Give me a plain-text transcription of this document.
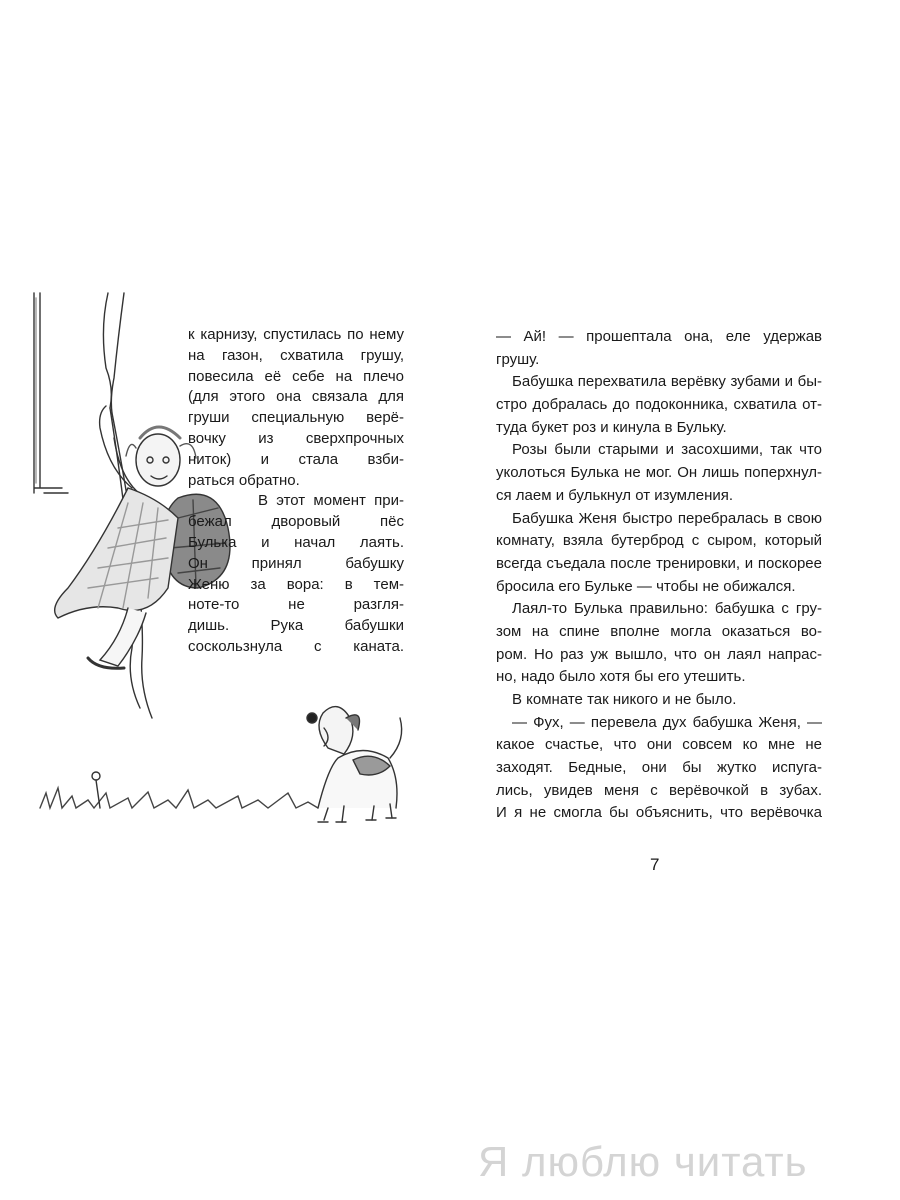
к карнизу, спустилась по нему
на газон, схватила грушу,
повесила её себе на плечо
(для этого она связала для
груши специальную верё-
вочку из сверхпрочных
ниток) и стала взби-
раться обратно.
В этот момент при-
бежал дворовый пёс
Булька и начал лаять.
Он принял бабушку
Женю за вора: в тем-
ноте-то не разгля-
дишь. Рука бабушки
соскользнула с каната.
— Ай! — прошептала она, еле удержав
грушу.
Бабушка перехватила верёвку зубами и бы-
стро добралась до подоконника, схватила от-
туда букет роз и кинула в Бульку.
Розы были старыми и засохшими, так что
уколоться Булька не мог. Он лишь поперхнул-
ся лаем и булькнул от изумления.
Бабушка Женя быстро перебралась в свою
комнату, взяла бутерброд с сыром, который
всегда съедала после тренировки, и поскорее
бросила его Бульке — чтобы не обижался.
Лаял-то Булька правильно: бабушка с гру-
зом на спине вполне могла оказаться во-
ром. Но раз уж вышло, что он лаял напрас-
но, надо было хотя бы его утешить.
В комнате так никого и не было.
— Фух, — перевела дух бабушка Женя, —
какое счастье, что они совсем ко мне не
заходят. Бедные, они бы жутко испуга-
лись, увидев меня с верёвочкой в зубах.
И я не смогла бы объяснить, что верёвочка
7
Я люблю читать
